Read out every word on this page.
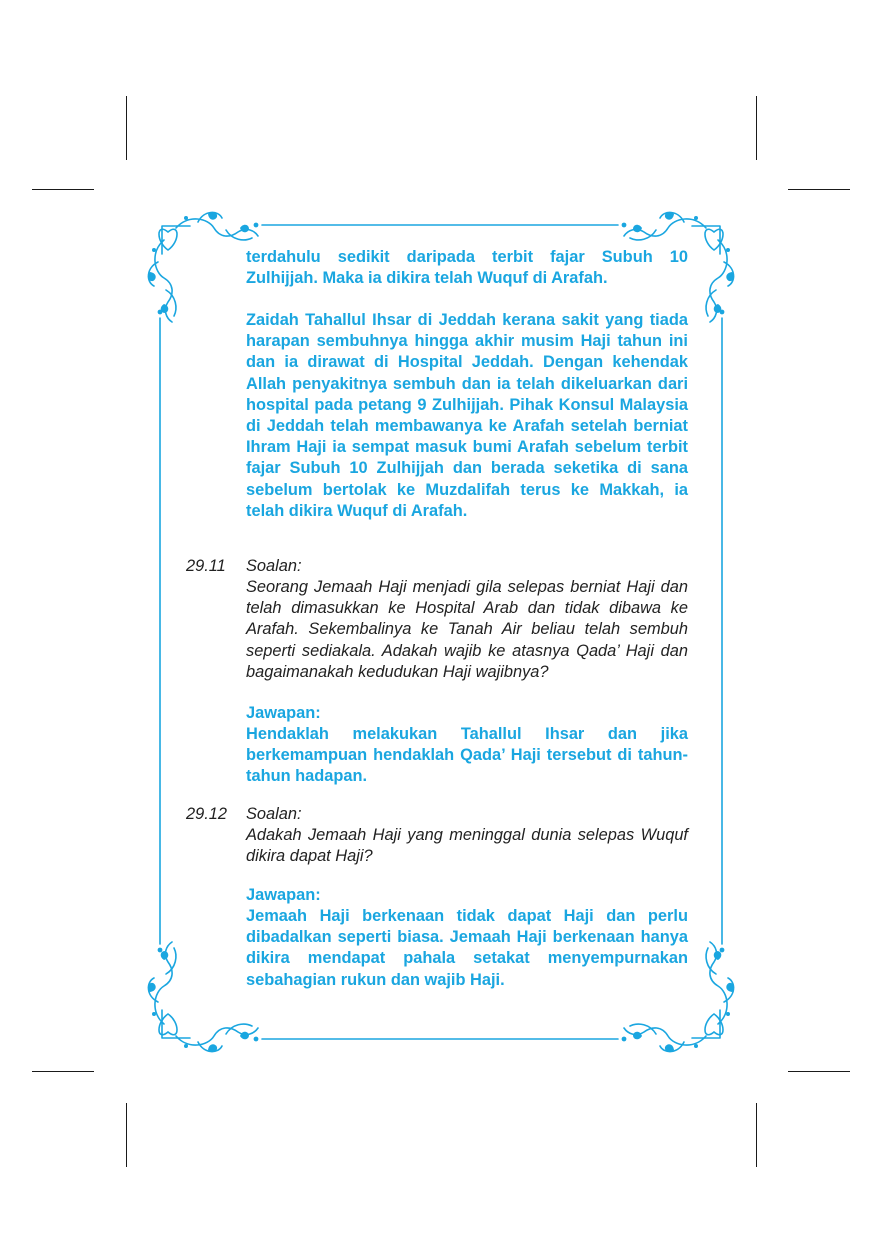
terdahulu sedikit daripada terbit fajar Subuh 10 Zulhijjah. Maka ia dikira telah Wuquf di Arafah.

Zaidah Tahallul Ihsar di Jeddah kerana sakit yang tiada harapan sembuhnya hingga akhir musim Haji tahun ini dan ia dirawat di Hospital Jeddah. Dengan kehendak Allah penyakitnya sembuh dan ia telah dikeluarkan dari hospital pada petang 9 Zulhijjah. Pihak Konsul Malaysia di Jeddah telah membawanya ke Arafah setelah berniat Ihram Haji ia sempat masuk bumi Arafah sebelum terbit fajar Subuh 10 Zulhijjah dan berada seketika di sana sebelum bertolak ke Muzdalifah terus ke Makkah, ia telah dikira Wuquf di Arafah.

29.11 Soalan:

Seorang Jemaah Haji menjadi gila selepas berniat Haji dan telah dimasukkan ke Hospital Arab dan tidak dibawa ke Arafah. Sekembalinya ke Tanah Air beliau telah sembuh seperti sediakala. Adakah wajib ke atasnya Qada’ Haji dan bagaimanakah kedudukan Haji wajibnya?

Jawapan:

Hendaklah melakukan Tahallul Ihsar dan jika berkemampuan hendaklah Qada’ Haji tersebut di tahun-tahun hadapan.

29.12 Soalan:

Adakah Jemaah Haji yang meninggal dunia selepas Wuquf dikira dapat Haji?

Jawapan:

Jemaah Haji berkenaan tidak dapat Haji dan perlu dibadalkan seperti biasa. Jemaah Haji berkenaan hanya dikira mendapat pahala setakat menyempurnakan sebahagian rukun dan wajib Haji.
